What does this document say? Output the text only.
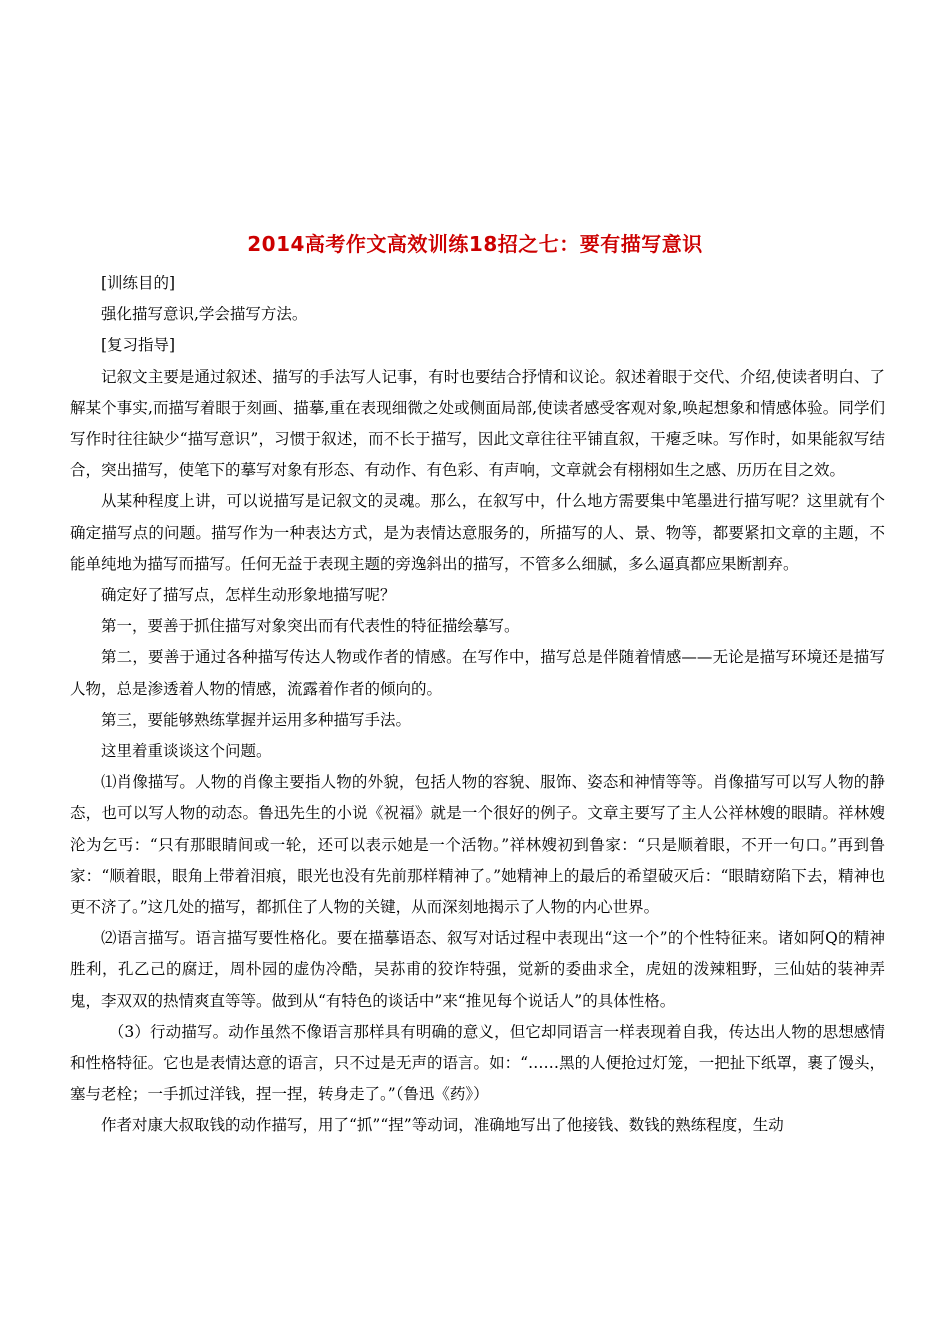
2014高考作文高效训练18招之七：要有描写意识

[训练目的]

强化描写意识,学会描写方法。

[复习指导]

记叙文主要是通过叙述、描写的手法写人记事，有时也要结合抒情和议论。叙述着眼于交代、介绍,使读者明白、了解某个事实,而描写着眼于刻画、描摹,重在表现细微之处或侧面局部,使读者感受客观对象,唤起想象和情感体验。同学们写作时往往缺少“描写意识”，习惯于叙述，而不长于描写，因此文章往往平铺直叙，干瘪乏味。写作时，如果能叙写结合，突出描写，使笔下的摹写对象有形态、有动作、有色彩、有声响，文章就会有栩栩如生之感、历历在目之效。

从某种程度上讲，可以说描写是记叙文的灵魂。那么，在叙写中，什么地方需要集中笔墨进行描写呢？这里就有个确定描写点的问题。描写作为一种表达方式，是为表情达意服务的，所描写的人、景、物等，都要紧扣文章的主题，不能单纯地为描写而描写。任何无益于表现主题的旁逸斜出的描写，不管多么细腻，多么逼真都应果断割弃。

确定好了描写点，怎样生动形象地描写呢？

第一，要善于抓住描写对象突出而有代表性的特征描绘摹写。

第二，要善于通过各种描写传达人物或作者的情感。在写作中，描写总是伴随着情感——无论是描写环境还是描写人物，总是渗透着人物的情感，流露着作者的倾向的。

第三，要能够熟练掌握并运用多种描写手法。

这里着重谈谈这个问题。

⑴肖像描写。人物的肖像主要指人物的外貌，包括人物的容貌、服饰、姿态和神情等等。肖像描写可以写人物的静态，也可以写人物的动态。鲁迅先生的小说《祝福》就是一个很好的例子。文章主要写了主人公祥林嫂的眼睛。祥林嫂沦为乞丐：“只有那眼睛间或一轮，还可以表示她是一个活物。”祥林嫂初到鲁家：“只是顺着眼，不开一句口。”再到鲁家：“顺着眼，眼角上带着泪痕，眼光也没有先前那样精神了。”她精神上的最后的希望破灭后：“眼睛窈陷下去，精神也更不济了。”这几处的描写，都抓住了人物的关键，从而深刻地揭示了人物的内心世界。

⑵语言描写。语言描写要性格化。要在描摹语态、叙写对话过程中表现出“这一个”的个性特征来。诸如阿Q的精神胜利，孔乙己的腐迂，周朴园的虚伪冷酷，吴荪甫的狡诈特强，觉新的委曲求全，虎妞的泼辣粗野，三仙姑的装神弄鬼，李双双的热情爽直等等。做到从“有特色的谈话中”来“推见每个说话人”的具体性格。

（3）行动描写。动作虽然不像语言那样具有明确的意义，但它却同语言一样表现着自我，传达出人物的思想感情和性格特征。它也是表情达意的语言，只不过是无声的语言。如：“……黑的人便抢过灯笼，一把扯下纸罩，裹了馒头，塞与老栓；一手抓过洋钱，捏一捏，转身走了。”（鲁迅《药》）

作者对康大叔取钱的动作描写，用了“抓”“捏”等动词，准确地写出了他接钱、数钱的熟练程度，生动
